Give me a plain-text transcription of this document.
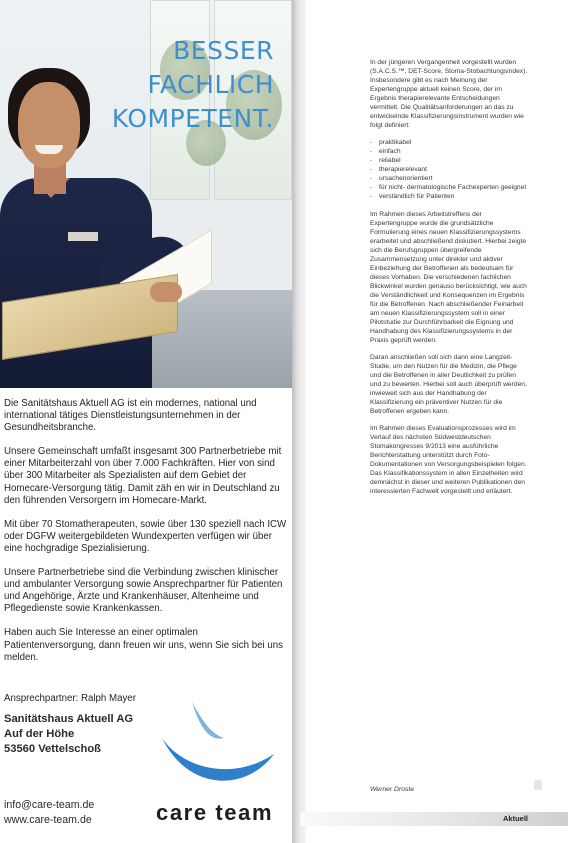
BESSER
FACHLICH
KOMPETENT.

Die Sanitätshaus Aktuell AG ist ein modernes, national und international tätiges Dienstleistungsunternehmen in der Gesundheitsbranche.

Unsere Gemeinschaft umfaßt insgesamt 300 Partnerbetriebe mit einer Mitarbeiterzahl von über 7.000 Fachkräften. Hier von sind über 300 Mitarbeiter als Spezialisten auf dem Gebiet der Homecare-Versorgung tätig. Damit zäh en wir in Deutschland zu den führenden Versorgern im Homecare-Markt.

Mit über 70 Stomatherapeuten, sowie über 130 speziell nach ICW oder DGFW weitergebildeten Wundexperten verfügen wir über eine hochgradige Spezialisierung.

Unsere Partnerbetriebe sind die Verbindung zwischen klinischer und ambulanter Versorgung sowie Ansprechpartner für Patienten und Angehörige, Ärzte und Krankenhäuser, Altenheime und Pflegedienste sowie Krankenkassen.

Haben auch Sie Interesse an einer optimalen Patientenversorgung, dann freuen wir uns, wenn Sie sich bei uns melden.

Ansprechpartner: Ralph Mayer
Sanitätshaus Aktuell AG
Auf der Höhe
53560 Vettelschoß
info@care-team.de
www.care-team.de	care team

In der jüngeren Vergangenheit vorgestellt wurden (S.A.C.S.™, DET-Score, Stoma-Stobachtungsindex). Insbesondere gibt es nach Meinung der Expertengruppe aktuell keinen Score, der im Ergebnis therapierelevante Entscheidungen vermittelt. Die Qualitätsanforderungen an das zu entwickelnde Klassifizierungsinstrument wurden wie folgt definiert:

- praktikabel
- einfach
- reliabel
- therapierelevant
- ursachenorientiert
- für nicht- dermatologische Fachexperten geeignet
- verständlich für Patienten

Im Rahmen dieses Arbeitstreffens der Expertengruppe wurde die grundsätzliche Formulierung eines neuen Klassifizierungssystems erarbeitet und abschließend diskutiert. Hierbei zeigte sich die Berufsgruppen übergreifende Zusammensetzung unter direkter und aktiver Einbeziehung der Betroffenen als bedeutsam für dieses Vorhaben. Die verschiedenen fachlichen Blickwinkel wurden genauso berücksichtigt, wie auch die Verständlichkeit und Konsequenzen im Ergebnis für die Betroffenen. Nach abschließender Feinarbeit am neuen Klassifizierungssystem soll in einer Pilotstudie zur Durchführbarkeit die Eignung und Handhabung des Klassifizierungssystems in der Praxis geprüft werden.

Daran anschließen soll sich dann eine Langzeit-Studie, um den Nutzen für die Medizin, die Pflege und die Betroffenen in aller Deutlichkeit zu prüfen und zu bewerten. Hierbei soll auch überprüft werden, inwieweit sich aus der Handhabung der Klassifizierung ein präventiver Nutzen für die Betroffenen ergeben kann.

Im Rahmen dieses Evaluationsprozesses wird im Verlauf des nächsten Südwestdeutschen Stomakongresses 9/2013 eine ausführliche Berichterstattung unterstützt durch Foto-Dokumentationen von Versorgungsbeispielen folgen. Das Klassifikationssystem in allen Einzelheiten wird demnächst in dieser und weiteren Publikationen den interessierten Fachwelt vorgestellt und erläutert.

Werner Droste
Aktuell
